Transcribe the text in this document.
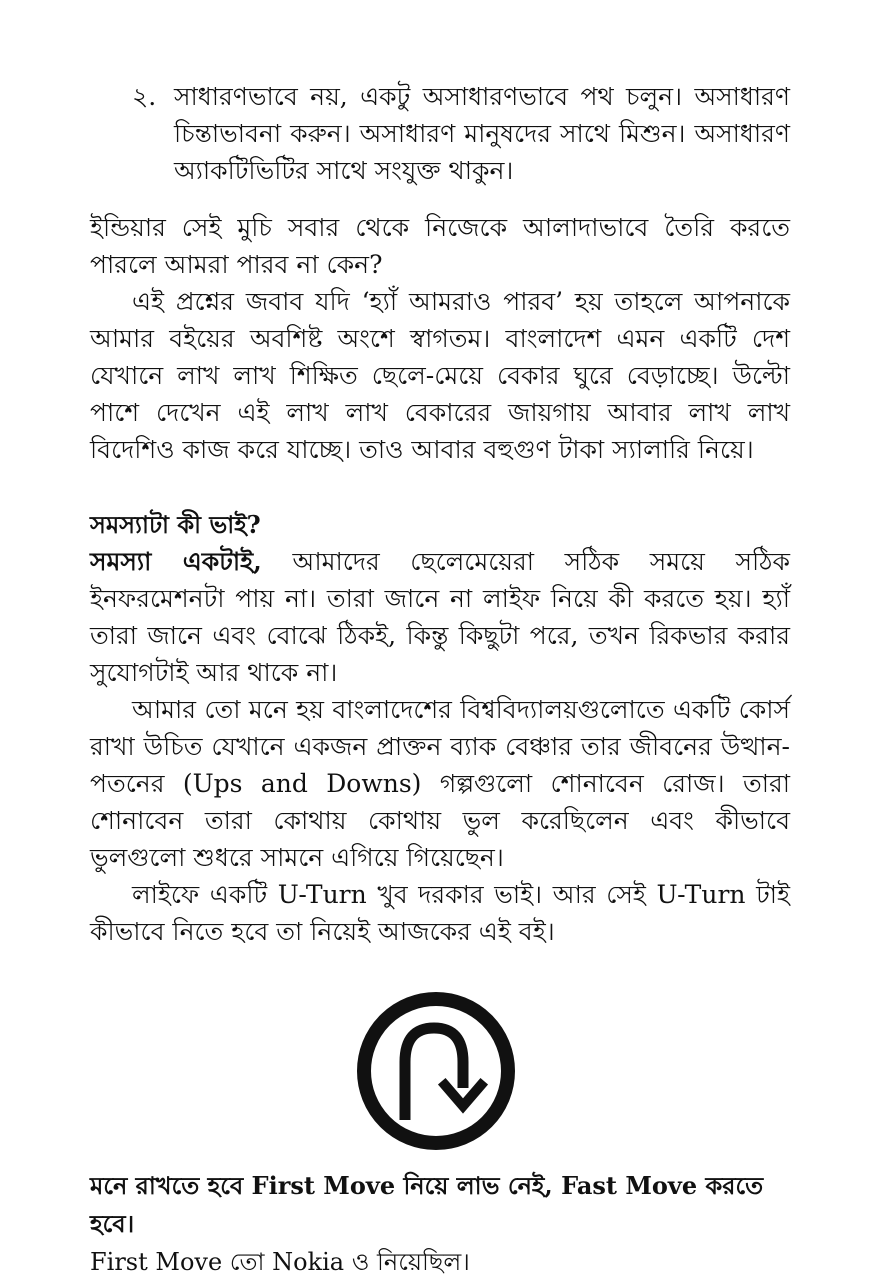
২. সাধারণভাবে নয়, একটু অসাধারণভাবে পথ চলুন। অসাধারণ চিন্তাভাবনা করুন। অসাধারণ মানুষদের সাথে মিশুন। অসাধারণ অ্যাকটিভিটির সাথে সংযুক্ত থাকুন।

ইন্ডিয়ার সেই মুচি সবার থেকে নিজেকে আলাদাভাবে তৈরি করতে পারলে আমরা পারব না কেন?

এই প্রশ্নের জবাব যদি ‘হ্যাঁ আমরাও পারব’ হয় তাহলে আপনাকে আমার বইয়ের অবশিষ্ট অংশে স্বাগতম। বাংলাদেশ এমন একটি দেশ যেখানে লাখ লাখ শিক্ষিত ছেলে-মেয়ে বেকার ঘুরে বেড়াচ্ছে। উল্টো পাশে দেখেন এই লাখ লাখ বেকারের জায়গায় আবার লাখ লাখ বিদেশিও কাজ করে যাচ্ছে। তাও আবার বহুগুণ টাকা স্যালারি নিয়ে।

সমস্যাটা কী ভাই?

সমস্যা একটাই, আমাদের ছেলেমেয়েরা সঠিক সময়ে সঠিক ইনফরমেশনটা পায় না। তারা জানে না লাইফ নিয়ে কী করতে হয়। হ্যাঁ তারা জানে এবং বোঝে ঠিকই, কিন্তু কিছুটা পরে, তখন রিকভার করার সুযোগটাই আর থাকে না।

আমার তো মনে হয় বাংলাদেশের বিশ্ববিদ্যালয়গুলোতে একটি কোর্স রাখা উচিত যেখানে একজন প্রাক্তন ব্যাক বেঞ্চার তার জীবনের উত্থান-পতনের (Ups and Downs) গল্পগুলো শোনাবেন রোজ। তারা শোনাবেন তারা কোথায় কোথায় ভুল করেছিলেন এবং কীভাবে ভুলগুলো শুধরে সামনে এগিয়ে গিয়েছেন।

লাইফে একটি U-Turn খুব দরকার ভাই। আর সেই U-Turn টাই কীভাবে নিতে হবে তা নিয়েই আজকের এই বই।

মনে রাখতে হবে First Move নিয়ে লাভ নেই, Fast Move করতে হবে।
First Move তো Nokia ও নিয়েছিল।
